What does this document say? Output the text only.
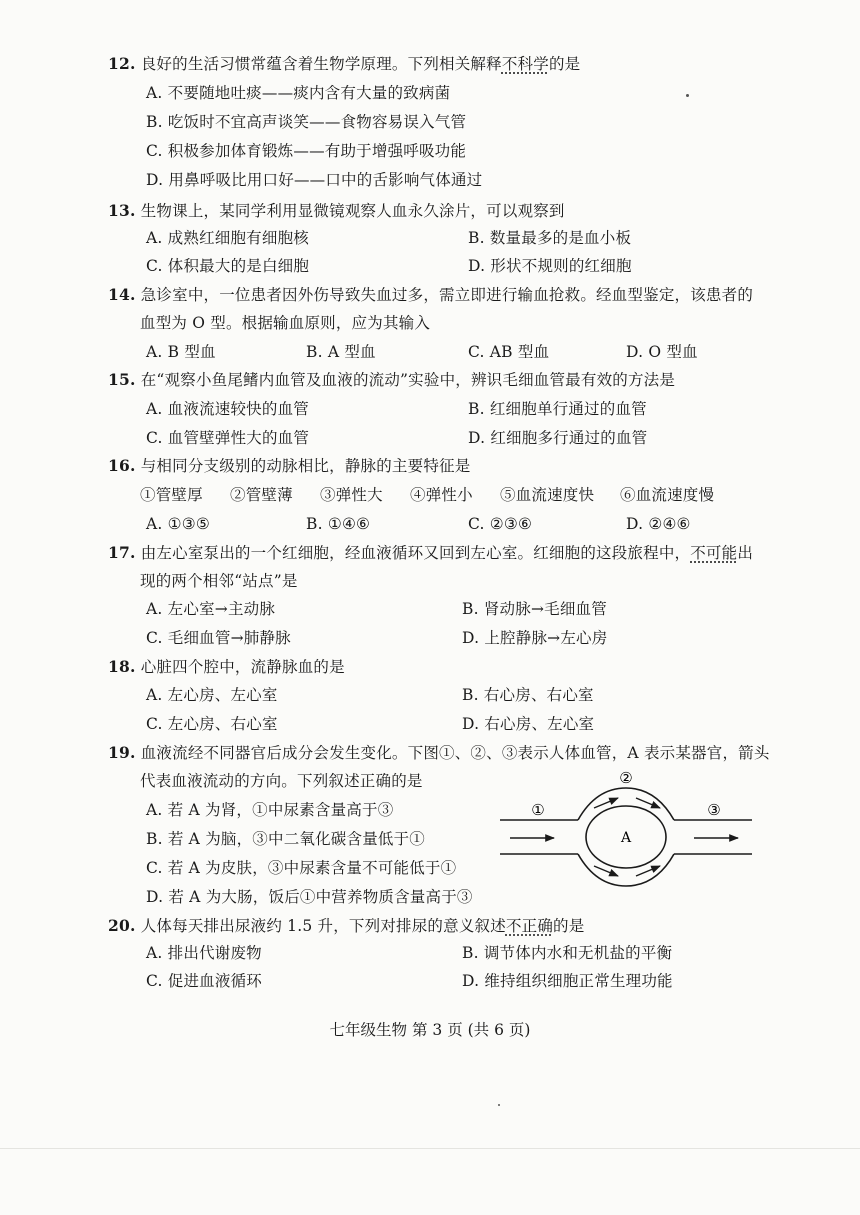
12. 良好的生活习惯常蕴含着生物学原理。下列相关解释不科学的是
A. 不要随地吐痰——痰内含有大量的致病菌
B. 吃饭时不宜高声谈笑——食物容易误入气管
C. 积极参加体育锻炼——有助于增强呼吸功能
D. 用鼻呼吸比用口好——口中的舌影响气体通过
13. 生物课上，某同学利用显微镜观察人血永久涂片，可以观察到
A. 成熟红细胞有细胞核	B. 数量最多的是血小板
C. 体积最大的是白细胞	D. 形状不规则的红细胞
14. 急诊室中，一位患者因外伤导致失血过多，需立即进行输血抢救。经血型鉴定，该患者的
血型为 O 型。根据输血原则，应为其输入
A. B 型血	B. A 型血	C. AB 型血	D. O 型血
15. 在“观察小鱼尾鳍内血管及血液的流动”实验中，辨识毛细血管最有效的方法是
A. 血液流速较快的血管	B. 红细胞单行通过的血管
C. 血管壁弹性大的血管	D. 红细胞多行通过的血管
16. 与相同分支级别的动脉相比，静脉的主要特征是
①管壁厚 ②管壁薄 ③弹性大 ④弹性小 ⑤血流速度快 ⑥血流速度慢
A. ①③⑤	B. ①④⑥	C. ②③⑥	D. ②④⑥
17. 由左心室泵出的一个红细胞，经血液循环又回到左心室。红细胞的这段旅程中，不可能出
现的两个相邻“站点”是
A. 左心室→主动脉	B. 肾动脉→毛细血管
C. 毛细血管→肺静脉	D. 上腔静脉→左心房
18. 心脏四个腔中，流静脉血的是
A. 左心房、左心室	B. 右心房、右心室
C. 左心房、右心室	D. 右心房、左心室
19. 血液流经不同器官后成分会发生变化。下图①、②、③表示人体血管，A 表示某器官，箭头
代表血液流动的方向。下列叙述正确的是
A. 若 A 为肾，①中尿素含量高于③
B. 若 A 为脑，③中二氧化碳含量低于①
C. 若 A 为皮肤，③中尿素含量不可能低于①
D. 若 A 为大肠，饭后①中营养物质含量高于③
①
②
③
A
20. 人体每天排出尿液约 1.5 升，下列对排尿的意义叙述不正确的是
A. 排出代谢废物	B. 调节体内水和无机盐的平衡
C. 促进血液循环	D. 维持组织细胞正常生理功能
七年级生物 第 3 页 (共 6 页)
